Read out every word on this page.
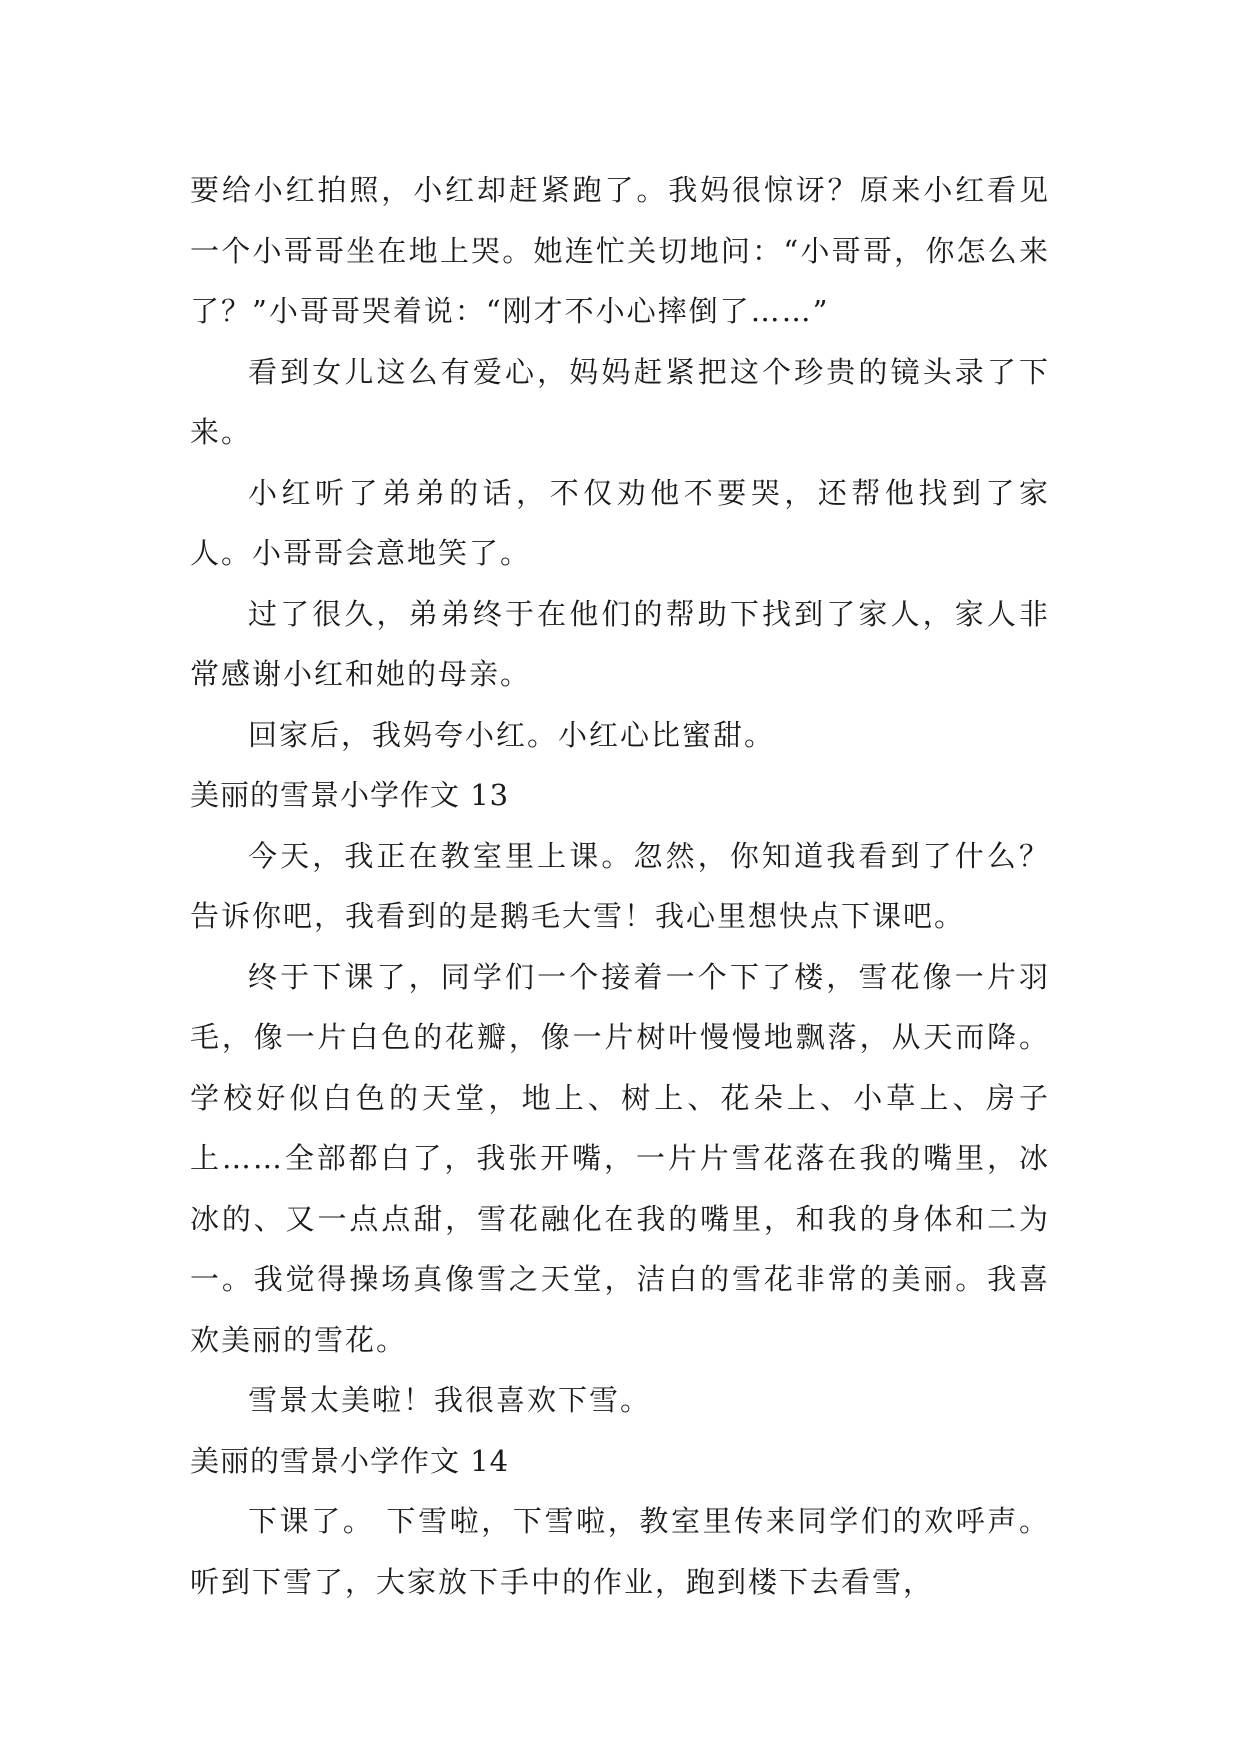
要给小红拍照，小红却赶紧跑了。我妈很惊讶？原来小红看见一个小哥哥坐在地上哭。她连忙关切地问：“小哥哥，你怎么来了？”小哥哥哭着说：“刚才不小心摔倒了……”

看到女儿这么有爱心，妈妈赶紧把这个珍贵的镜头录了下来。

小红听了弟弟的话，不仅劝他不要哭，还帮他找到了家人。小哥哥会意地笑了。

过了很久，弟弟终于在他们的帮助下找到了家人，家人非常感谢小红和她的母亲。

回家后，我妈夸小红。小红心比蜜甜。

美丽的雪景小学作文 13

今天，我正在教室里上课。忽然，你知道我看到了什么？告诉你吧，我看到的是鹅毛大雪！我心里想快点下课吧。

终于下课了，同学们一个接着一个下了楼，雪花像一片羽毛，像一片白色的花瓣，像一片树叶慢慢地飘落，从天而降。学校好似白色的天堂，地上、树上、花朵上、小草上、房子上……全部都白了，我张开嘴，一片片雪花落在我的嘴里，冰冰的、又一点点甜，雪花融化在我的嘴里，和我的身体和二为一。我觉得操场真像雪之天堂，洁白的雪花非常的美丽。我喜欢美丽的雪花。

雪景太美啦！我很喜欢下雪。

美丽的雪景小学作文 14

下课了。 下雪啦，下雪啦，教室里传来同学们的欢呼声。听到下雪了，大家放下手中的作业，跑到楼下去看雪，
